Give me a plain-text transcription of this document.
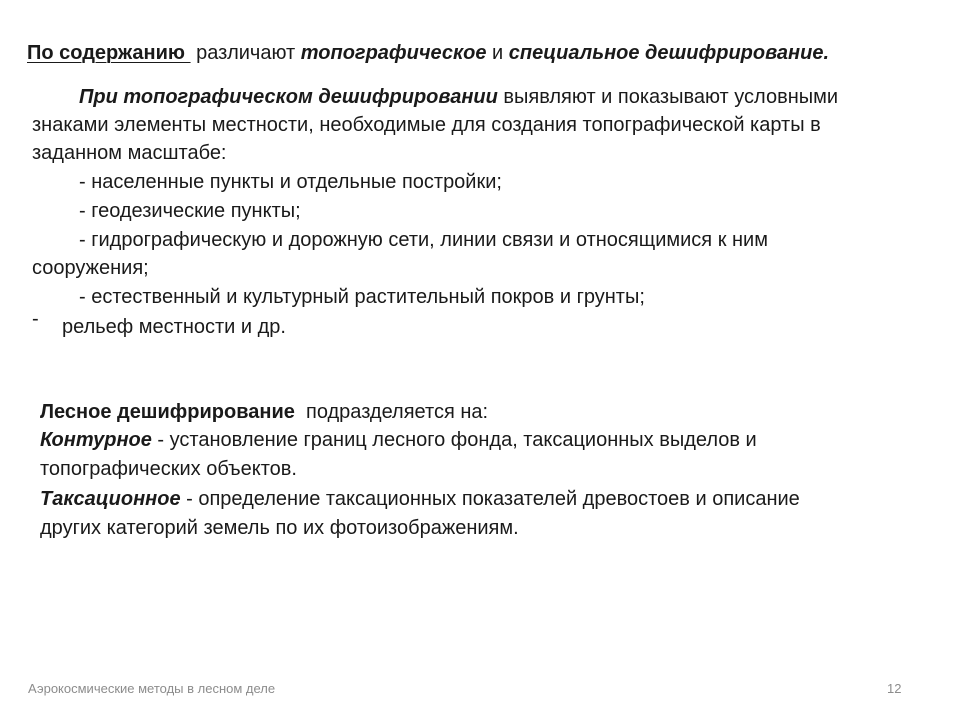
По содержанию  различают топографическое и специальное дешифрирование.
При топографическом дешифрировании выявляют и показывают условными
знаками элементы местности, необходимые для создания топографической карты в
заданном масштабе:
- населенные пункты и отдельные постройки;
- геодезические пункты;
- гидрографическую и дорожную сети, линии связи и относящимися к ним
сооружения;
- естественный и культурный растительный покров и грунты;
- рельеф местности и др.
Лесное дешифрирование  подразделяется на:
Контурное - установление границ лесного фонда, таксационных выделов и
топографических объектов.
Таксационное - определение таксационных показателей древостоев и описание
других категорий земель по их фотоизображениям.
Аэрокосмические методы в лесном деле	12
